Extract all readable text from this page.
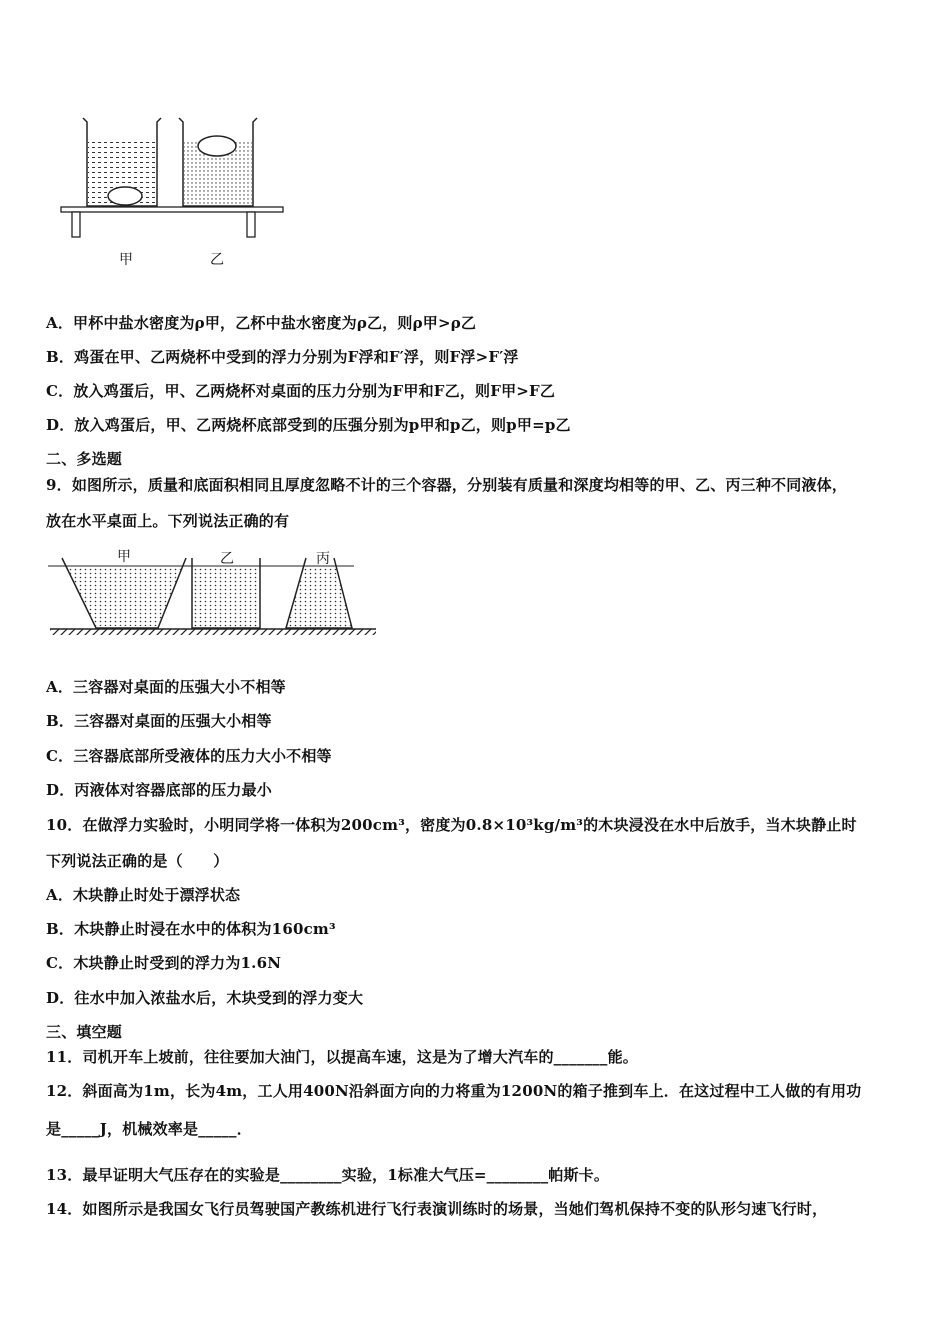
甲	乙
A．甲杯中盐水密度为ρ甲，乙杯中盐水密度为ρ乙，则ρ甲>ρ乙
B．鸡蛋在甲、乙两烧杯中受到的浮力分别为F浮和F′浮，则F浮>F′浮
C．放入鸡蛋后，甲、乙两烧杯对桌面的压力分别为F甲和F乙，则F甲>F乙
D．放入鸡蛋后，甲、乙两烧杯底部受到的压强分别为p甲和p乙，则p甲=p乙
二、多选题
9．如图所示，质量和底面积相同且厚度忽略不计的三个容器，分别装有质量和深度均相等的甲、乙、丙三种不同液体，
放在水平桌面上。下列说法正确的有
甲	乙	丙
A．三容器对桌面的压强大小不相等
B．三容器对桌面的压强大小相等
C．三容器底部所受液体的压力大小不相等
D．丙液体对容器底部的压力最小
10．在做浮力实验时，小明同学将一体积为200cm³，密度为0.8×10³kg/m³的木块浸没在水中后放手，当木块静止时
下列说法正确的是（　　）
A．木块静止时处于漂浮状态
B．木块静止时浸在水中的体积为160cm³
C．木块静止时受到的浮力为1.6N
D．往水中加入浓盐水后，木块受到的浮力变大
三、填空题
11．司机开车上坡前，往往要加大油门，以提高车速，这是为了增大汽车的_______能。
12．斜面高为1m，长为4m，工人用400N沿斜面方向的力将重为1200N的箱子推到车上．在这过程中工人做的有用功
是_____J，机械效率是_____．
13．最早证明大气压存在的实验是________实验，1标准大气压=________帕斯卡。
14．如图所示是我国女飞行员驾驶国产教练机进行飞行表演训练时的场景，当她们驾机保持不变的队形匀速飞行时，
